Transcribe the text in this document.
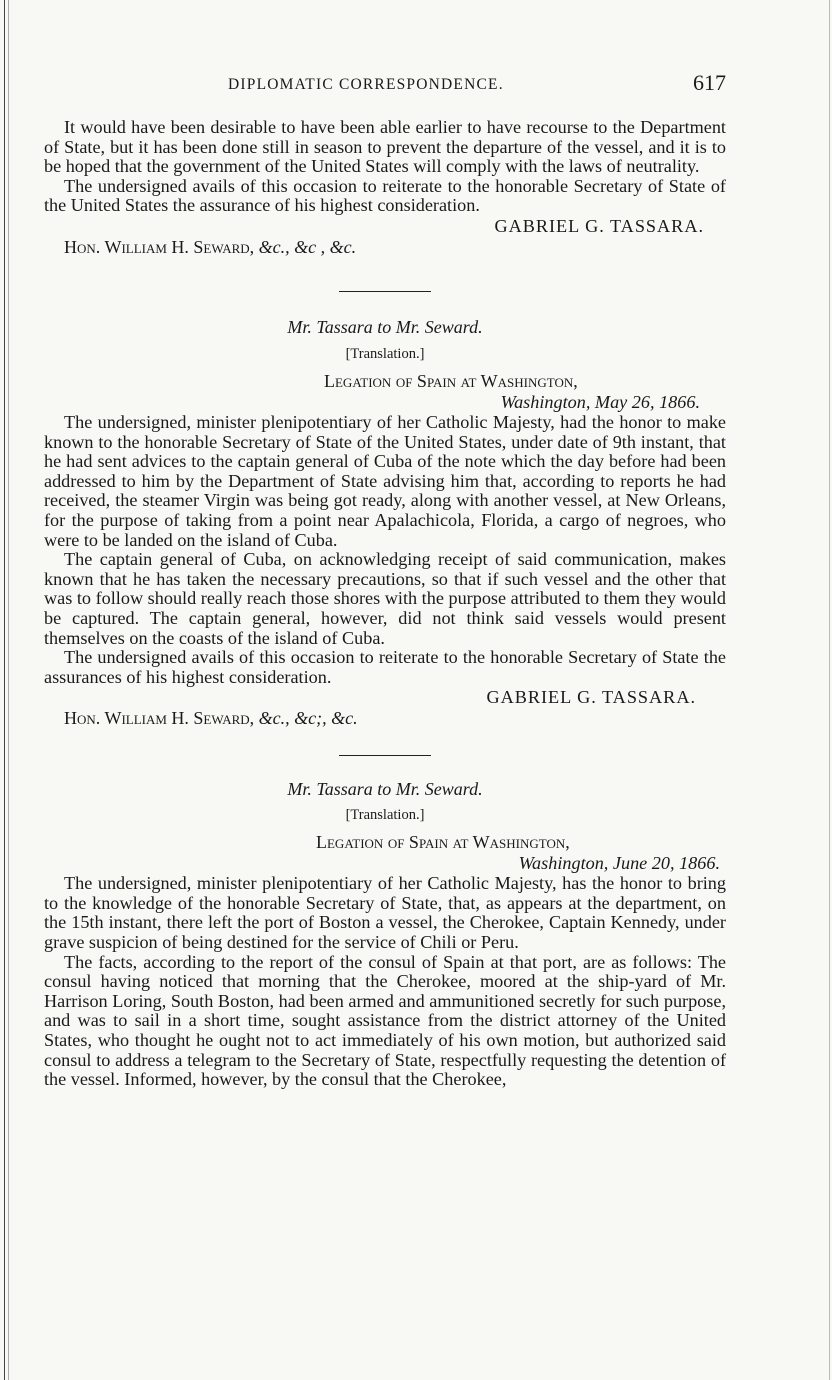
DIPLOMATIC CORRESPONDENCE.	617

It would have been desirable to have been able earlier to have recourse to the Department of State, but it has been done still in season to prevent the departure of the vessel, and it is to be hoped that the government of the United States will comply with the laws of neutrality.

The undersigned avails of this occasion to reiterate to the honorable Secretary of State of the United States the assurance of his highest consideration.

GABRIEL G. TASSARA.
Hon. William H. Seward, &c., &c , &c.
Mr. Tassara to Mr. Seward.
[Translation.]
Legation of Spain at Washington,
Washington, May 26, 1866.

The undersigned, minister plenipotentiary of her Catholic Majesty, had the honor to make known to the honorable Secretary of State of the United States, under date of 9th instant, that he had sent advices to the captain general of Cuba of the note which the day before had been addressed to him by the Department of State advising him that, according to reports he had received, the steamer Virgin was being got ready, along with another vessel, at New Orleans, for the purpose of taking from a point near Apalachicola, Florida, a cargo of negroes, who were to be landed on the island of Cuba.

The captain general of Cuba, on acknowledging receipt of said communication, makes known that he has taken the necessary precautions, so that if such vessel and the other that was to follow should really reach those shores with the purpose attributed to them they would be captured. The captain general, however, did not think said vessels would present themselves on the coasts of the island of Cuba.

The undersigned avails of this occasion to reiterate to the honorable Secretary of State the assurances of his highest consideration.

GABRIEL G. TASSARA.
Hon. William H. Seward, &c., &c;, &c.
Mr. Tassara to Mr. Seward.
[Translation.]
Legation of Spain at Washington,
Washington, June 20, 1866.

The undersigned, minister plenipotentiary of her Catholic Majesty, has the honor to bring to the knowledge of the honorable Secretary of State, that, as appears at the department, on the 15th instant, there left the port of Boston a vessel, the Cherokee, Captain Kennedy, under grave suspicion of being destined for the service of Chili or Peru.

The facts, according to the report of the consul of Spain at that port, are as follows: The consul having noticed that morning that the Cherokee, moored at the ship-yard of Mr. Harrison Loring, South Boston, had been armed and ammunitioned secretly for such purpose, and was to sail in a short time, sought assistance from the district attorney of the United States, who thought he ought not to act immediately of his own motion, but authorized said consul to address a telegram to the Secretary of State, respectfully requesting the detention of the vessel. Informed, however, by the consul that the Cherokee,
